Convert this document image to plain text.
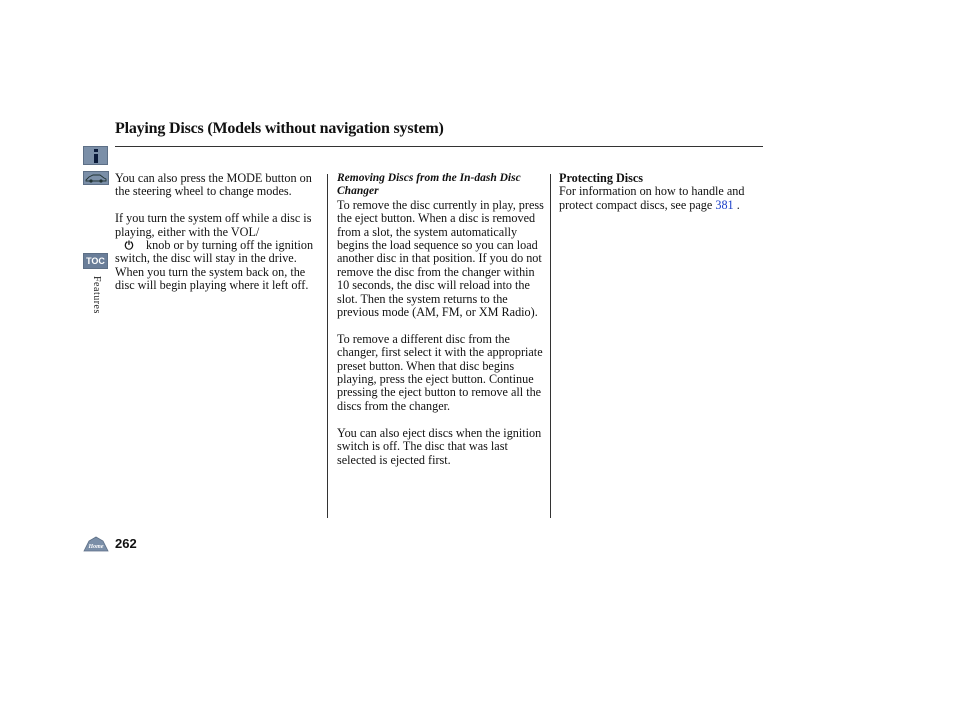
Playing Discs (Models without navigation system)
TOC
Features

You can also press the MODE button on the steering wheel to change modes.

If you turn the system off while a disc is playing, either with the VOL/
⏻ knob or by turning off the ignition switch, the disc will stay in the drive. When you turn the system back on, the disc will begin playing where it left off.

Removing Discs from the In-dash Disc Changer

To remove the disc currently in play, press the eject button. When a disc is removed from a slot, the system automatically begins the load sequence so you can load another disc in that position. If you do not remove the disc from the changer within 10 seconds, the disc will reload into the slot. Then the system returns to the previous mode (AM, FM, or XM Radio).

To remove a different disc from the changer, first select it with the appropriate preset button. When that disc begins playing, press the eject button. Continue pressing the eject button to remove all the discs from the changer.

You can also eject discs when the ignition switch is off. The disc that was last selected is ejected first.

Protecting Discs

For information on how to handle and protect compact discs, see page 381 .

Home 262
